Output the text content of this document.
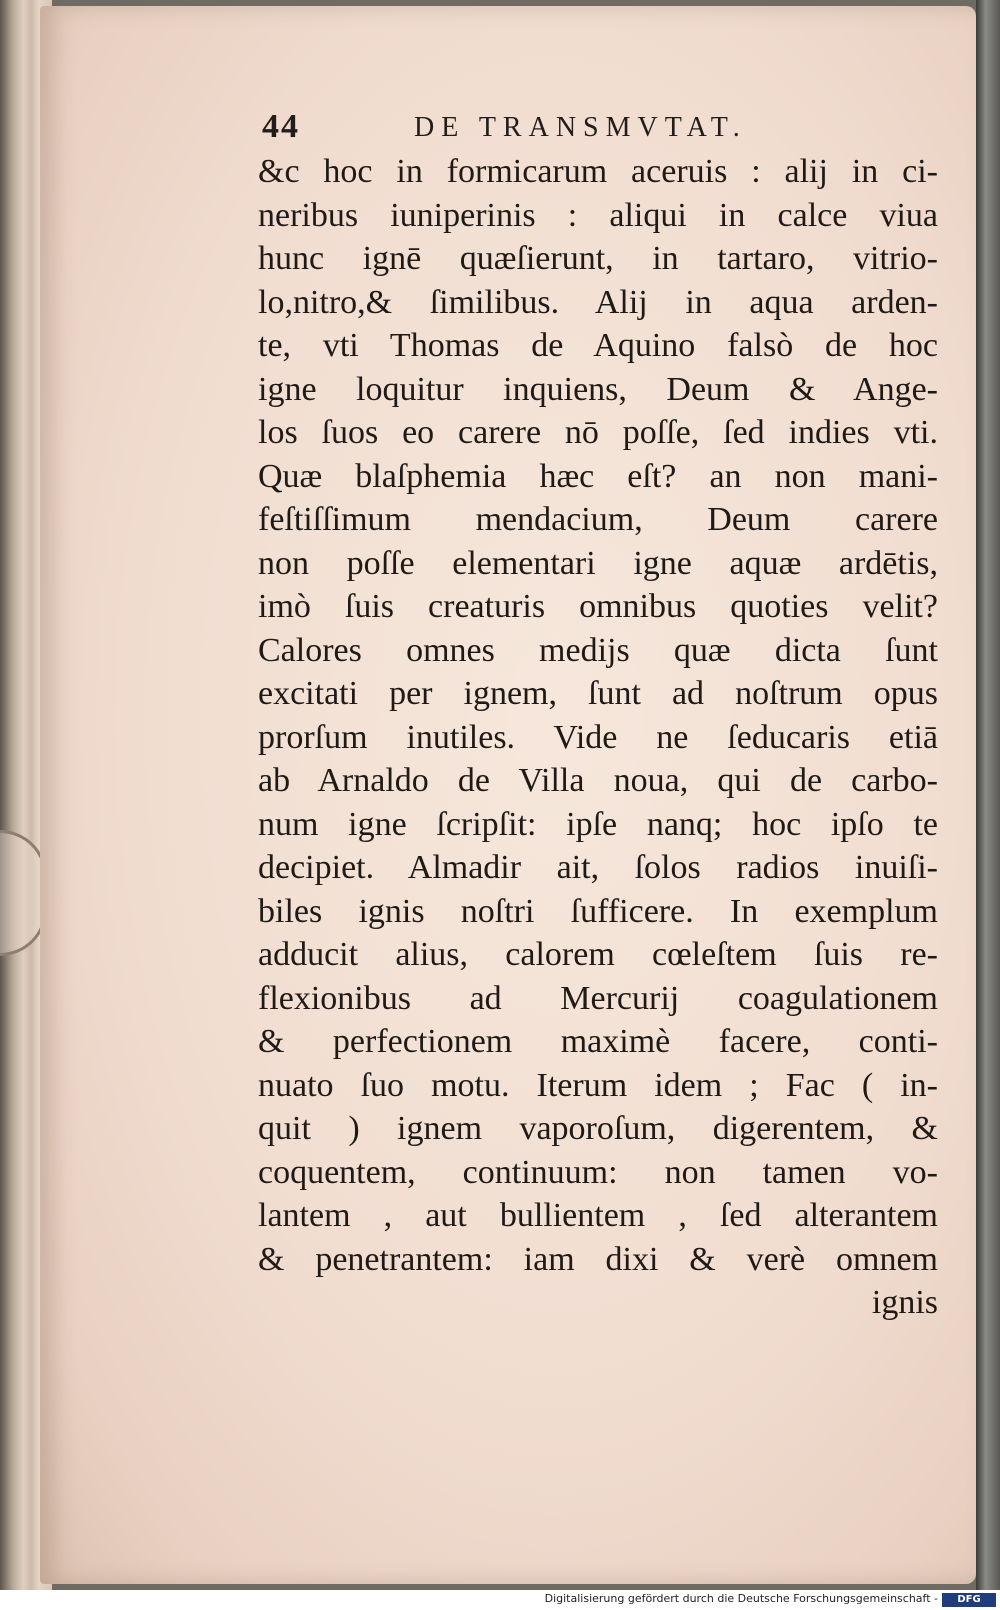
44	DE TRANSMVTAT.
&c hoc in formicarum aceruis : alij in ci-
neribus iuniperinis : aliqui in calce viua
hunc ignē quæſierunt, in tartaro, vitrio-
lo,nitro,& ſimilibus. Alij in aqua arden-
te, vti Thomas de Aquino falsò de hoc
igne loquitur inquiens, Deum & Ange-
los ſuos eo carere nō poſſe, ſed indies vti.
Quæ blaſphemia hæc eſt? an non mani-
feſtiſſimum mendacium, Deum carere
non poſſe elementari igne aquæ ardētis,
imò ſuis creaturis omnibus quoties velit?
Calores omnes medijs quæ dicta ſunt
excitati per ignem, ſunt ad noſtrum opus
prorſum inutiles. Vide ne ſeducaris etiā
ab Arnaldo de Villa noua, qui de carbo-
num igne ſcripſit: ipſe nanq; hoc ipſo te
decipiet. Almadir ait, ſolos radios inuiſi-
biles ignis noſtri ſufficere. In exemplum
adducit alius, calorem cœleſtem ſuis re-
flexionibus ad Mercurij coagulationem
& perfectionem maximè facere, conti-
nuato ſuo motu. Iterum idem ; Fac ( in-
quit ) ignem vaporoſum, digerentem, &
coquentem, continuum: non tamen vo-
lantem , aut bullientem , ſed alterantem
& penetrantem: iam dixi & verè omnem
ignis
Digitalisierung gefördert durch die Deutsche Forschungsgemeinschaft -	DFG
